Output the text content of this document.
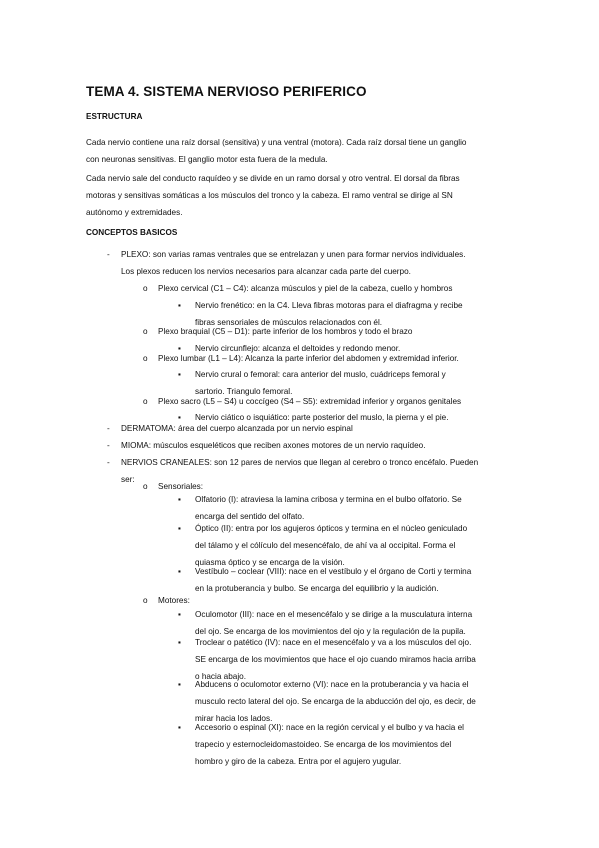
TEMA 4. SISTEMA NERVIOSO PERIFERICO
ESTRUCTURA
Cada nervio contiene una raíz dorsal (sensitiva) y una ventral (motora). Cada raíz dorsal tiene un ganglio
con neuronas sensitivas. El ganglio motor esta fuera de la medula.
Cada nervio sale del conducto raquídeo y se divide en un ramo dorsal y otro ventral. El dorsal da fibras
motoras y sensitivas somáticas a los músculos del tronco y la cabeza. El ramo ventral se dirige al SN
autónomo y extremidades.
CONCEPTOS BASICOS
- PLEXO: son varias ramas ventrales que se entrelazan y unen para formar nervios individuales.
Los plexos reducen los nervios necesarios para alcanzar cada parte del cuerpo.
o Plexo cervical (C1 – C4): alcanza músculos y piel de la cabeza, cuello y hombros
▪ Nervio frenético: en la C4. Lleva fibras motoras para el diafragma y recibe
fibras sensoriales de músculos relacionados con él.
o Plexo braquial (C5 – D1): parte inferior de los hombros y todo el brazo
▪ Nervio circunflejo: alcanza el deltoides y redondo menor.
o Plexo lumbar (L1 – L4): Alcanza la parte inferior del abdomen y extremidad inferior.
▪ Nervio crural o femoral: cara anterior del muslo, cuádriceps femoral y
sartorio. Triangulo femoral.
o Plexo sacro (L5 – S4) u coccígeo (S4 – S5): extremidad inferior y organos genitales
▪ Nervio ciático o isquiático: parte posterior del muslo, la pierna y el pie.
- DERMATOMA: área del cuerpo alcanzada por un nervio espinal
- MIOMA: músculos esqueléticos que reciben axones motores de un nervio raquídeo.
- NERVIOS CRANEALES: son 12 pares de nervios que llegan al cerebro o tronco encéfalo. Pueden
ser:
o Sensoriales:
▪ Olfatorio (I): atraviesa la lamina cribosa y termina en el bulbo olfatorio. Se
encarga del sentido del olfato.
▪ Óptico (II): entra por los agujeros ópticos y termina en el núcleo geniculado
del tálamo y el cólículo del mesencéfalo, de ahí va al occipital. Forma el
quiasma óptico y se encarga de la visión.
▪ Vestíbulo – coclear (VIII): nace en el vestíbulo y el órgano de Corti y termina
en la protuberancia y bulbo. Se encarga del equilibrio y la audición.
o Motores:
▪ Oculomotor (III): nace en el mesencéfalo y se dirige a la musculatura interna
del ojo. Se encarga de los movimientos del ojo y la regulación de la pupila.
▪ Troclear o patético (IV): nace en el mesencéfalo y va a los músculos del ojo.
SE encarga de los movimientos que hace el ojo cuando miramos hacia arriba
o hacia abajo.
▪ Abducens o oculomotor externo (VI): nace en la protuberancia y va hacia el
musculo recto lateral del ojo. Se encarga de la abducción del ojo, es decir, de
mirar hacia los lados.
▪ Accesorio o espinal (XI): nace en la región cervical y el bulbo y va hacia el
trapecio y esternocleidomastoideo. Se encarga de los movimientos del
hombro y giro de la cabeza. Entra por el agujero yugular.
